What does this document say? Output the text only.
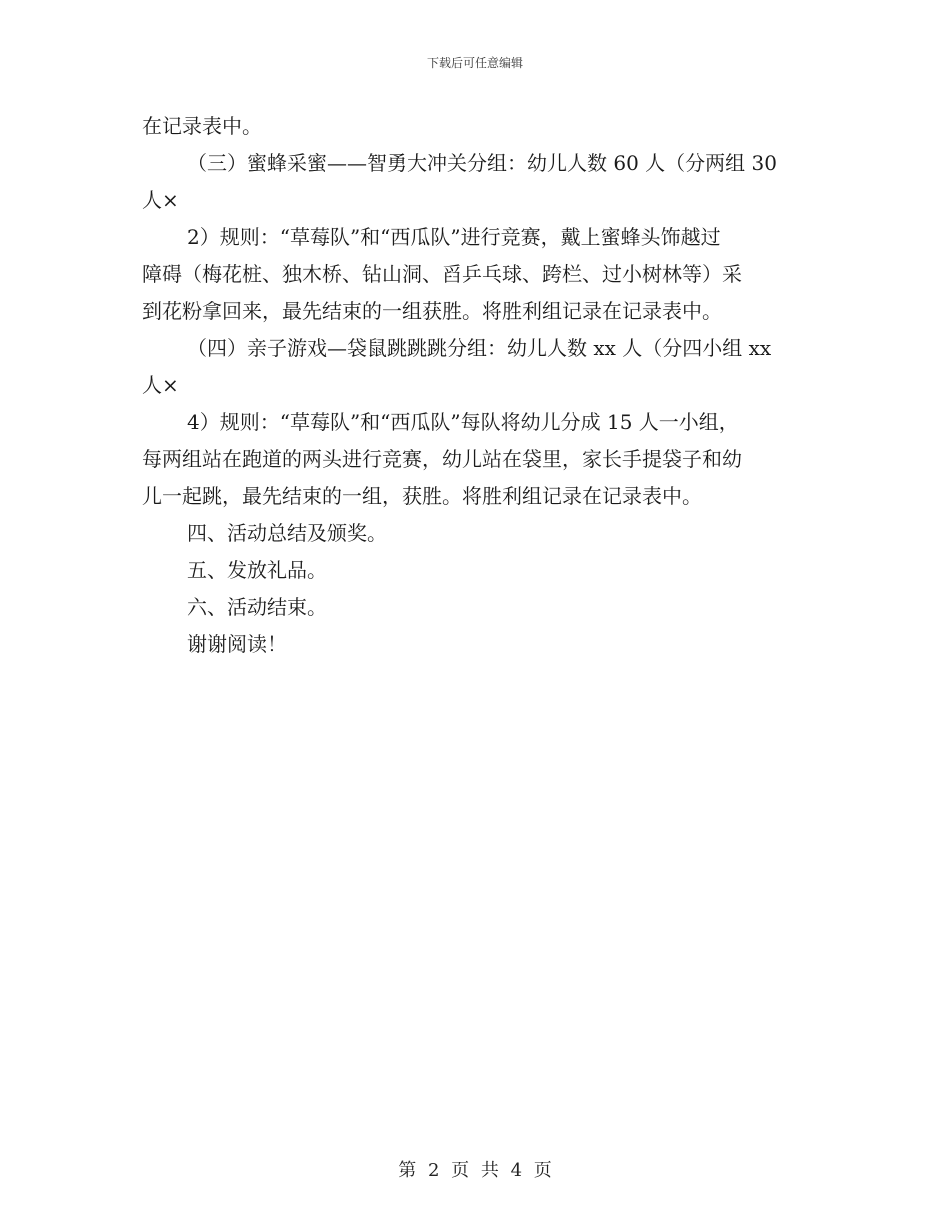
下载后可任意编辑
在记录表中。
（三）蜜蜂采蜜——智勇大冲关分组：幼儿人数 60 人（分两组 30
人×
2）规则：“草莓队”和“西瓜队”进行竞赛，戴上蜜蜂头饰越过
障碍（梅花桩、独木桥、钻山洞、舀乒乓球、跨栏、过小树林等）采
到花粉拿回来，最先结束的一组获胜。将胜利组记录在记录表中。
（四）亲子游戏—袋鼠跳跳跳分组：幼儿人数 xx 人（分四小组 xx
人×
4）规则：“草莓队”和“西瓜队”每队将幼儿分成 15 人一小组，
每两组站在跑道的两头进行竞赛，幼儿站在袋里，家长手提袋子和幼
儿一起跳，最先结束的一组，获胜。将胜利组记录在记录表中。
四、活动总结及颁奖。
五、发放礼品。
六、活动结束。
谢谢阅读！
第 2 页 共 4 页
